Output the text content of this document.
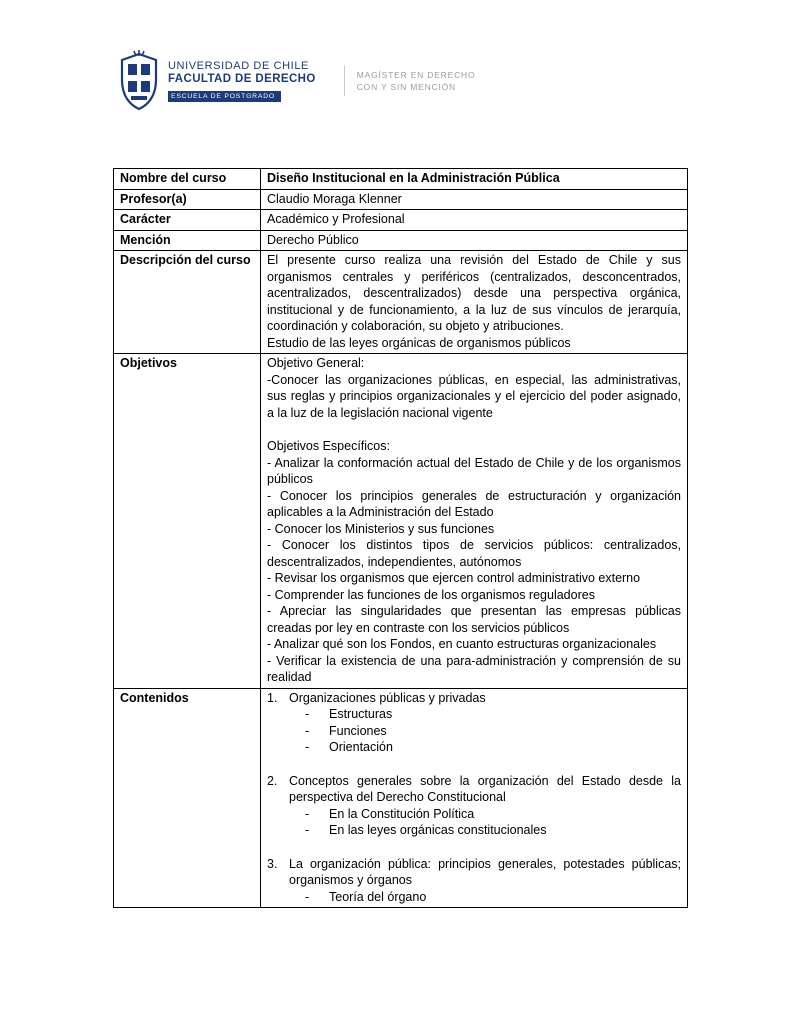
UNIVERSIDAD DE CHILE
FACULTAD DE DERECHO
ESCUELA DE POSTGRADO
MAGÍSTER EN DERECHO
CON Y SIN MENCIÓN
Nombre del curso	Diseño Institucional en la Administración Pública
Profesor(a)	Claudio Moraga Klenner
Carácter	Académico y Profesional
Mención	Derecho Público
Descripción del curso	El presente curso realiza una revisión del Estado de Chile y sus organismos centrales y periféricos (centralizados, desconcentrados, acentralizados, descentralizados) desde una perspectiva orgánica, institucional y de funcionamiento, a la luz de sus vínculos de jerarquía, coordinación y colaboración, su objeto y atribuciones.
Estudio de las leyes orgánicas de organismos públicos

Objetivos	Objetivo General:
-Conocer las organizaciones públicas, en especial, las administrativas, sus reglas y principios organizacionales y el ejercicio del poder asignado, a la luz de la legislación nacional vigente
Objetivos Específicos:
- Analizar la conformación actual del Estado de Chile y de los organismos públicos
- Conocer los principios generales de estructuración y organización aplicables a la Administración del Estado
- Conocer los Ministerios y sus funciones
- Conocer los distintos tipos de servicios públicos: centralizados, descentralizados, independientes, autónomos
- Revisar los organismos que ejercen control administrativo externo
- Comprender las funciones de los organismos reguladores
- Apreciar las singularidades que presentan las empresas públicas creadas por ley en contraste con los servicios públicos
- Analizar qué son los Fondos, en cuanto estructuras organizacionales
- Verificar la existencia de una para-administración y comprensión de su realidad

Contenidos	1. Organizaciones públicas y privadas
-	Estructuras
-	Funciones
-	Orientación
2. Conceptos generales sobre la organización del Estado desde la perspectiva del Derecho Constitucional
-	En la Constitución Política
-	En las leyes orgánicas constitucionales
3. La organización pública: principios generales, potestades públicas; organismos y órganos
-	Teoría del órgano
